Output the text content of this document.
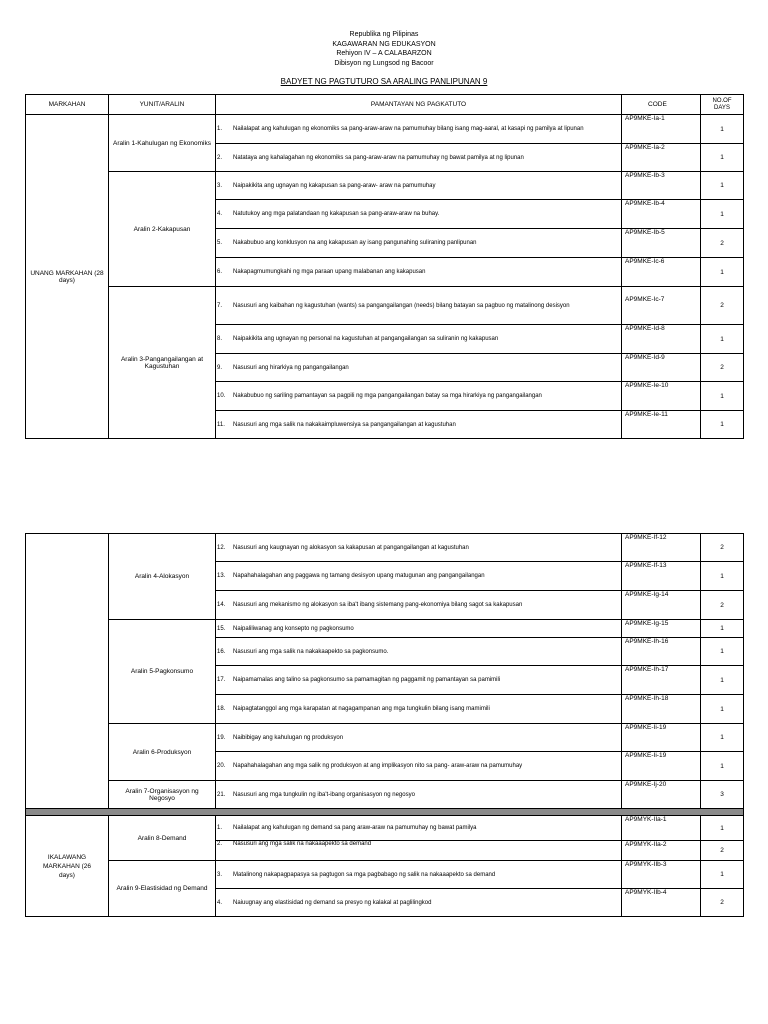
Republika ng Pilipinas
KAGAWARAN NG EDUKASYON
Rehiyon IV – A CALABARZON
Dibisyon ng Lungsod ng Bacoor
BADYET NG PAGTUTURO SA ARALING PANLIPUNAN 9
MARKAHAN	YUNIT/ARALIN	PAMANTAYAN NG PAGKATUTO	CODE	NO.OF DAYS
UNANG MARKAHAN (28 days)	Aralin 1-Kahulugan ng Ekonomiks	1. Nailalapat ang kahulugan ng ekonomiks sa pang-araw-araw na pamumuhay bilang isang mag-aaral, at kasapi ng pamilya at lipunan	AP9MKE-Ia-1	1
		2. Natataya ang kahalagahan ng ekonomiks sa pang-araw-araw na pamumuhay ng bawat pamilya at ng lipunan	AP9MKE-Ia-2	1
	Aralin 2-Kakapusan	3. Naipakikita ang ugnayan ng kakapusan sa pang-araw- araw na pamumuhay	AP9MKE-Ib-3	1
		4. Natutukoy ang mga palatandaan ng kakapusan sa pang-araw-araw na buhay.	AP9MKE-Ib-4	1
		5. Nakabubuo ang konklusyon na ang kakapusan ay isang pangunahing suliraning panlipunan	AP9MKE-Ib-5	2
		6. Nakapagmumungkahi ng mga paraan upang malabanan ang kakapusan	AP9MKE-Ic-6	1
	Aralin 3-Pangangailangan at Kagustuhan	7. Nasusuri ang kaibahan ng kagustuhan (wants) sa pangangailangan (needs) bilang batayan sa pagbuo ng matalinong desisyon	AP9MKE-Ic-7	2
		8. Naipakikita ang ugnayan ng personal na kagustuhan at pangangailangan sa suliranin ng kakapusan	AP9MKE-Id-8	1
		9. Nasusuri ang hirarkiya ng pangangailangan	AP9MKE-Id-9	2
		10. Nakabubuo ng sariling pamantayan sa pagpili ng mga pangangailangan batay sa mga hirarkiya ng pangangailangan	AP9MKE-Ie-10	1
		11. Nasusuri ang mga salik na nakakaimpluwensiya sa pangangailangan at kagustuhan	AP9MKE-Ie-11	1
	Aralin 4-Alokasyon	12. Nasusuri ang kaugnayan ng alokasyon sa kakapusan at pangangailangan at kagustuhan	AP9MKE-If-12	2
		13. Napahahalagahan ang paggawa ng tamang desisyon upang matugunan ang pangangailangan	AP9MKE-If-13	1
		14. Nasusuri ang mekanismo ng alokasyon sa iba't ibang sistemang pang-ekonomiya bilang sagot sa kakapusan	AP9MKE-Ig-14	2
	Aralin 5-Pagkonsumo	15. Naipaliliwanag ang konsepto ng pagkonsumo	AP9MKE-Ig-15	1
		16. Nasusuri ang mga salik na nakakaapekto sa pagkonsumo.	AP9MKE-Ih-16	1
		17. Naipamamalas ang talino sa pagkonsumo sa pamamagitan ng paggamit ng pamantayan sa pamimili	AP9MKE-Ih-17	1
		18. Naipagtatanggol ang mga karapatan at nagagampanan ang mga tungkulin bilang isang mamimili	AP9MKE-Ih-18	1
	Aralin 6-Produksyon	19. Naibibigay ang kahulugan ng produksyon	AP9MKE-Ii-19	1
		20. Napahahalagahan ang mga salik ng produksyon at ang implikasyon nito sa pang- araw-araw na pamumuhay	AP9MKE-Ii-19	1
	Aralin 7-Organisasyon ng Negosyo	21. Nasusuri ang mga tungkulin ng iba't-ibang organisasyon ng negosyo	AP9MKE-Ij-20	3

IKALAWANG MARKAHAN (26 days)	Aralin 8-Demand	1. Nailalapat ang kahulugan ng demand sa pang araw-araw na pamumuhay ng bawat pamilya	AP9MYK-IIa-1	1
		2. Nasusuri ang mga salik na nakaaapekto sa demand	AP9MYK-IIa-2	2
	Aralin 9-Elastisidad ng Demand	3. Matalinong nakapagpapasya sa pagtugon sa mga pagbabago ng salik na nakaaapekto sa demand	AP9MYK-IIb-3	1
		4. Naiuugnay ang elastisidad ng demand sa presyo ng kalakal at paglilingkod	AP9MYK-IIb-4	2
